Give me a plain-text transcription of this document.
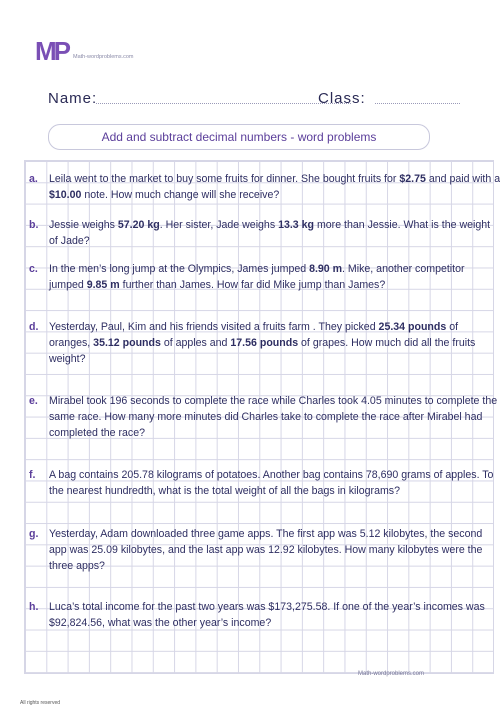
MP Math-wordproblems.com
Name:	Class:
Add and subtract decimal numbers - word problems
a. Leila went to the market to buy some fruits for dinner. She bought fruits for $2.75 and paid with a $10.00 note. How much change will she receive?
b. Jessie weighs 57.20 kg. Her sister, Jade weighs 13.3 kg more than Jessie. What is the weight of Jade?
c. In the men’s long jump at the Olympics, James jumped 8.90 m. Mike, another competitor jumped 9.85 m further than James. How far did Mike jump than James?
d. Yesterday, Paul, Kim and his friends visited a fruits farm . They picked 25.34 pounds of oranges, 35.12 pounds of apples and 17.56 pounds of grapes. How much did all the fruits weight?
e. Mirabel took 196 seconds to complete the race while Charles took 4.05 minutes to complete the same race. How many more minutes did Charles take to complete the race after Mirabel had completed the race?
f. A bag contains 205.78 kilograms of potatoes. Another bag contains 78,690 grams of apples. To the nearest hundredth, what is the total weight of all the bags in kilograms?
g. Yesterday, Adam downloaded three game apps. The first app was 5.12 kilobytes, the second app was 25.09 kilobytes, and the last app was 12.92 kilobytes. How many kilobytes were the three apps?
h. Luca’s total income for the past two years was $173,275.58. If one of the year’s incomes was $92,824.56, what was the other year’s income?
Math-wordproblems.com
All rights reserved
